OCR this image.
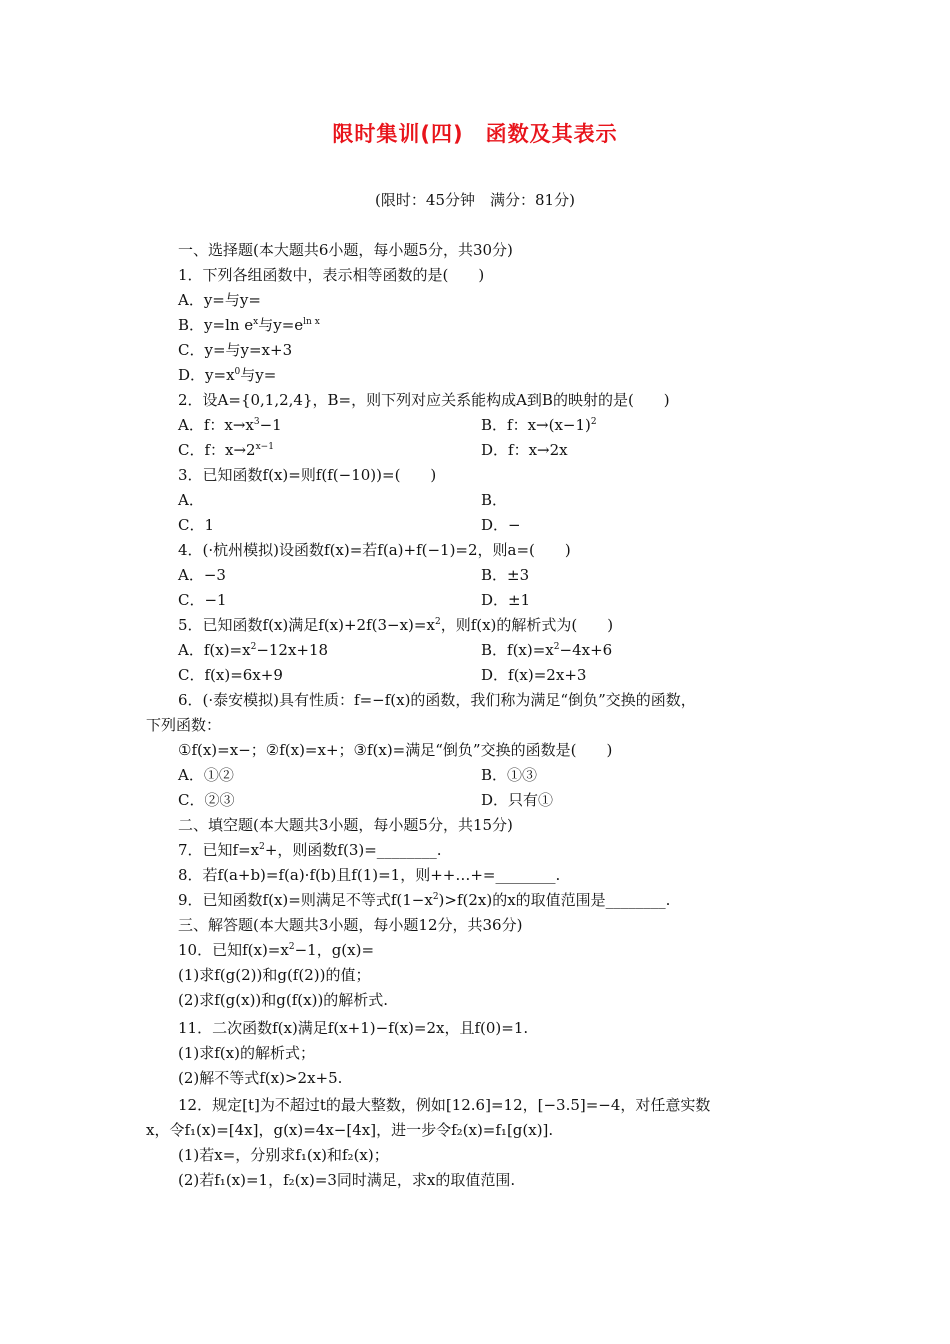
限时集训(四)　函数及其表示
(限时：45分钟　满分：81分)
一、选择题(本大题共6小题，每小题5分，共30分)
1．下列各组函数中，表示相等函数的是(　　)
A．y=与y=
B．y=ln $e^x$与$y=e^{ln x}$
C．y=与y=x+3
D．$y=x^0$与y=
2．设A={0,1,2,4}，B=，则下列对应关系能构成A到B的映射的是(　　)
A．f：$x\to x^3-1$	B．f：$x\to(x-1)^2$
C．f：$x\to 2^{x-1}$	D．f：x→2x
3．已知函数f(x)=则f(f(−10))=(　　)
A．	B．
C．1	D．−
4．(·杭州模拟)设函数f(x)=若f(a)+f(−1)=2，则a=(　　)
A．−3	B．±3
C．−1	D．±1
5．已知函数f(x)满足$f(x)+2f(3-x)=x^2$，则f(x)的解析式为(　　)
A．$f(x)=x^2-12x+18$	B．$f(x)=x^2-4x+6$
C．f(x)=6x+9	D．f(x)=2x+3
6．(·泰安模拟)具有性质：f=−f(x)的函数，我们称为满足“倒负”交换的函数，
下列函数：
①f(x)=x−；②f(x)=x+；③f(x)=满足“倒负”交换的函数是(　　)
A．①②	B．①③
C．②③	D．只有①
二、填空题(本大题共3小题，每小题5分，共15分)
7．已知$f=x^2+$，则函数f(3)=________.
8．若f(a+b)=f(a)·f(b)且f(1)=1，则++…+=________.
9．已知函数f(x)=则满足不等式$f(1-x^2)>f(2x)$的x的取值范围是________.
三、解答题(本大题共3小题，每小题12分，共36分)
10．已知$f(x)=x^2-1$，g(x)=
(1)求f(g(2))和g(f(2))的值；
(2)求f(g(x))和g(f(x))的解析式.
11．二次函数f(x)满足f(x+1)−f(x)=2x，且f(0)=1.
(1)求f(x)的解析式；
(2)解不等式f(x)>2x+5.
12．规定[t]为不超过t的最大整数，例如[12.6]=12，[−3.5]=−4，对任意实数
x，令f₁(x)=[4x]，g(x)=4x−[4x]，进一步令f₂(x)=f₁[g(x)].
(1)若x=，分别求f₁(x)和f₂(x)；
(2)若f₁(x)=1，f₂(x)=3同时满足，求x的取值范围.
